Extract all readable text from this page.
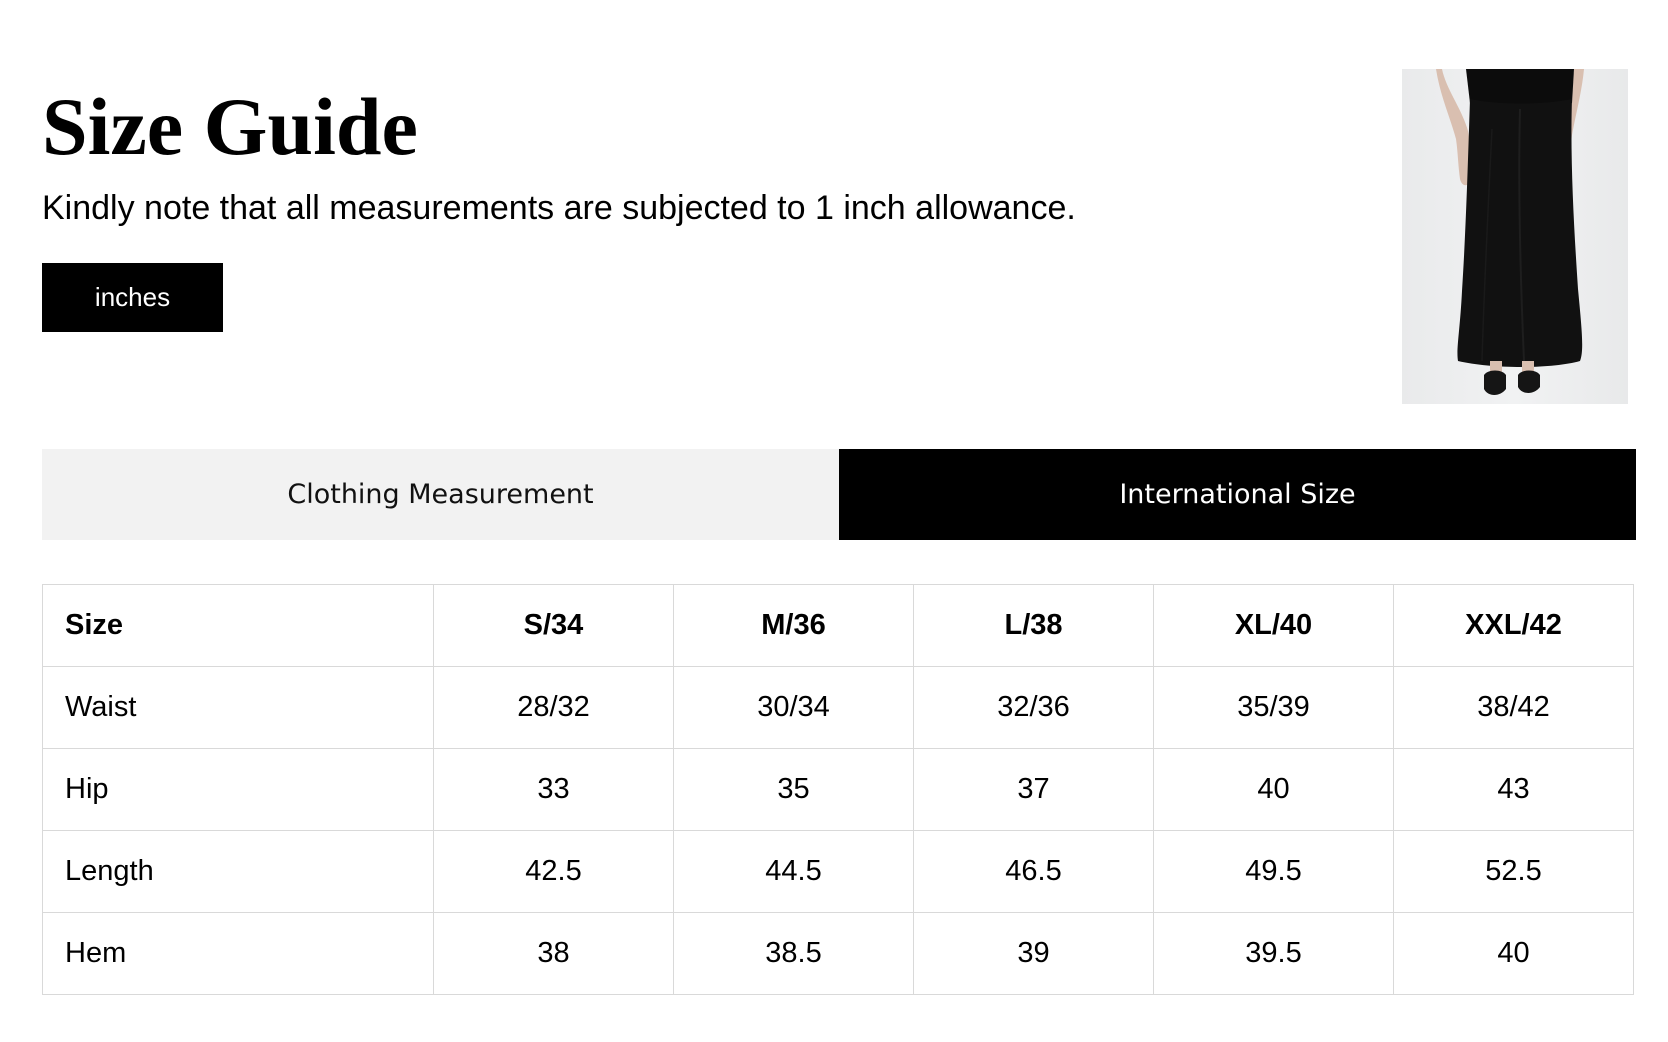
Size Guide
Kindly note that all measurements are subjected to 1 inch allowance.
inches
Clothing Measurement	International Size
Size	S/34	M/36	L/38	XL/40	XXL/42
Waist	28/32	30/34	32/36	35/39	38/42
Hip	33	35	37	40	43
Length	42.5	44.5	46.5	49.5	52.5
Hem	38	38.5	39	39.5	40
